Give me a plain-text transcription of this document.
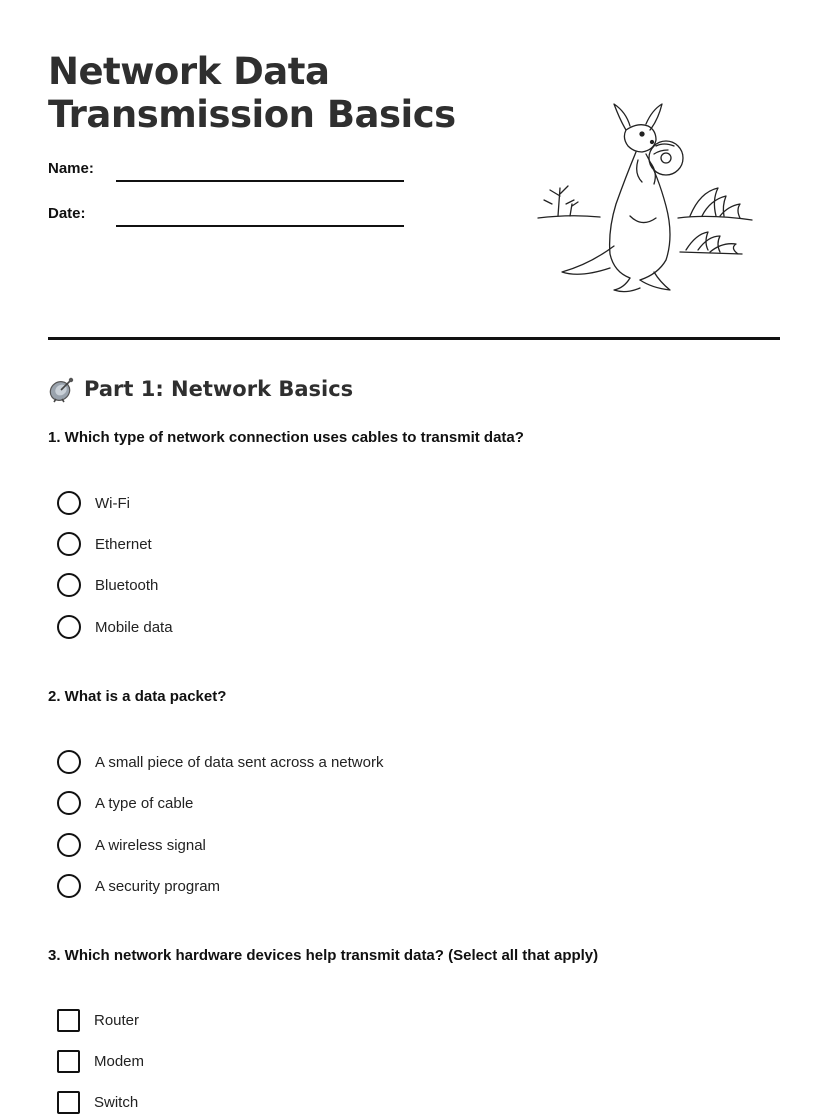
Network Data
Transmission Basics
Name:
Date:
Part 1: Network Basics
1. Which type of network connection uses cables to transmit data?
Wi-Fi
Ethernet
Bluetooth
Mobile data
2. What is a data packet?
A small piece of data sent across a network
A type of cable
A wireless signal
A security program
3. Which network hardware devices help transmit data? (Select all that apply)
Router
Modem
Switch
